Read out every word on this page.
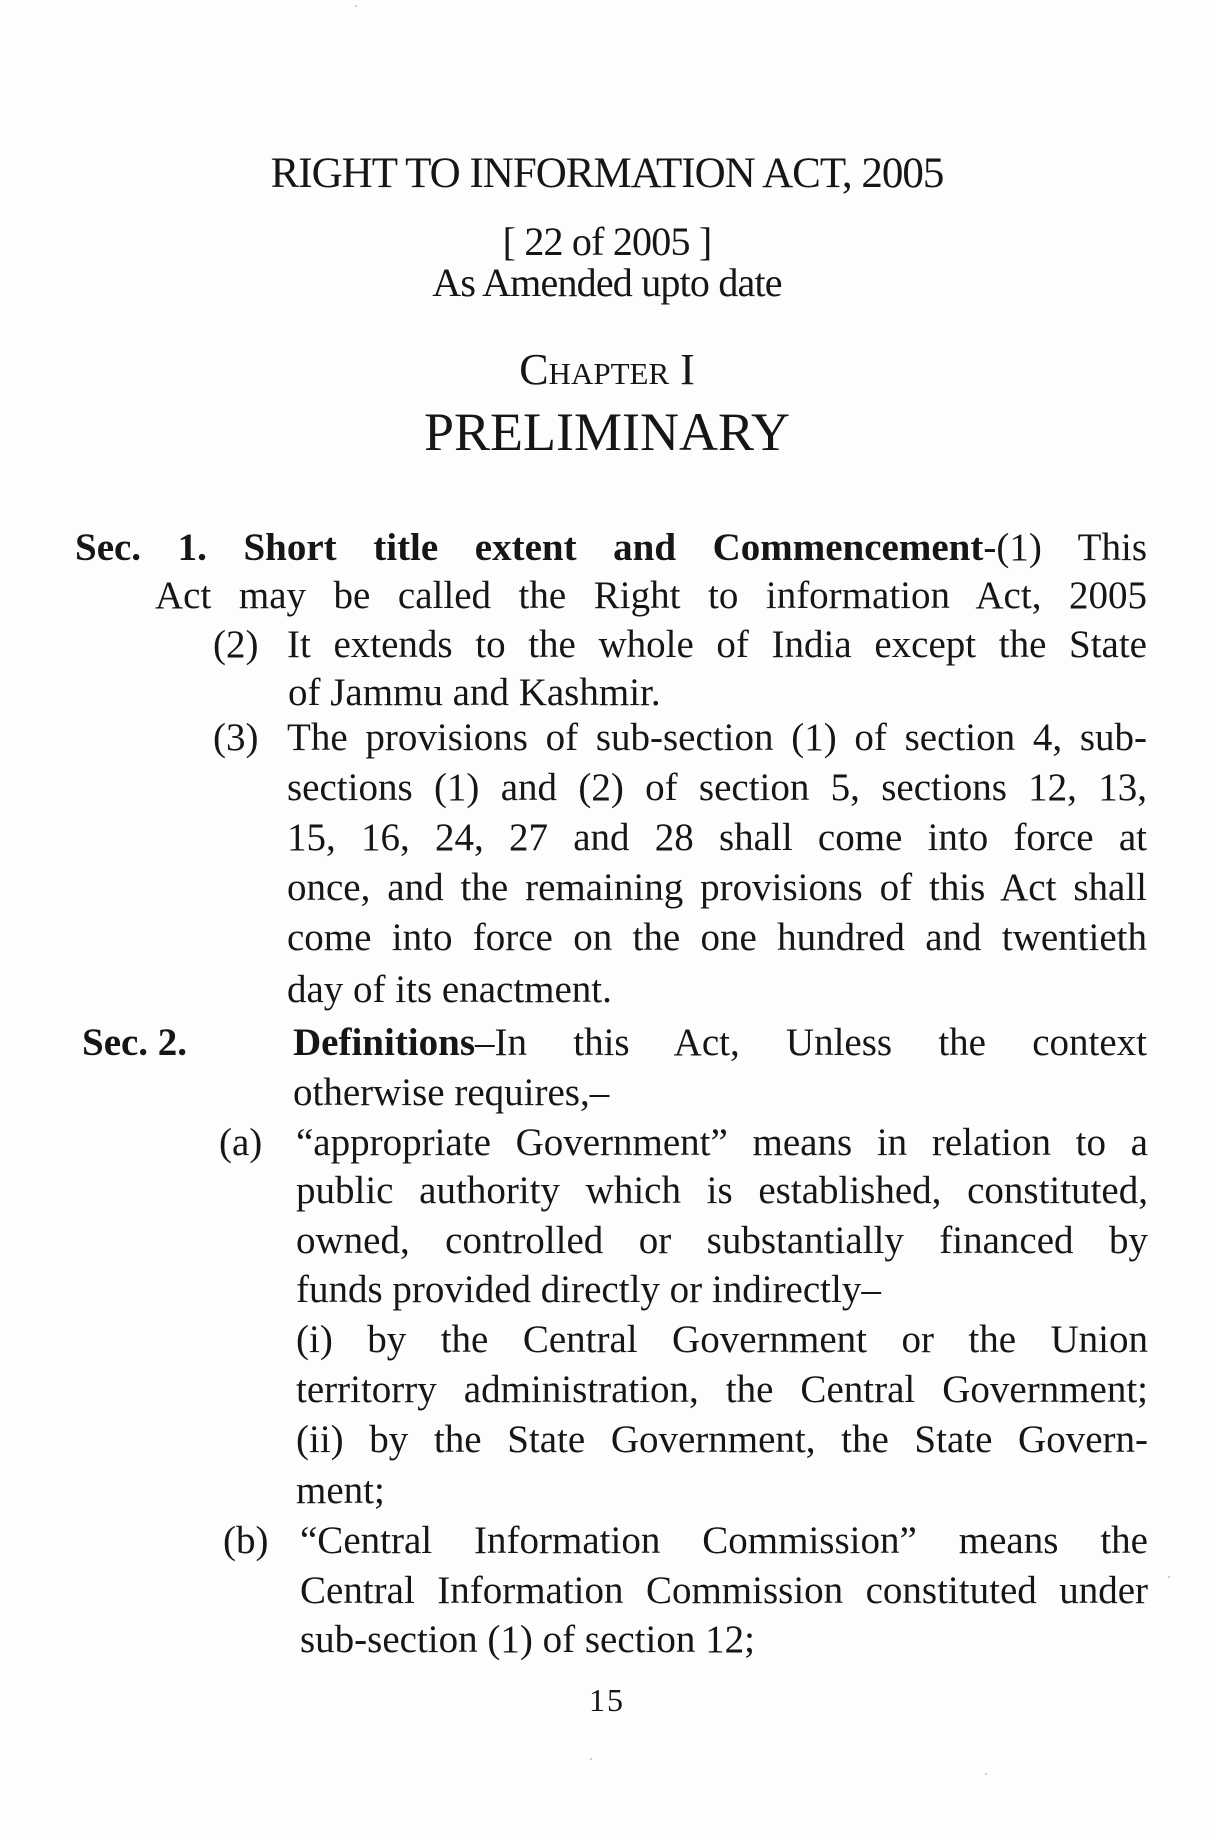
RIGHT TO INFORMATION ACT, 2005
[ 22 of 2005 ]
As Amended upto date
Chapter I
PRELIMINARY
Sec. 1. Short title extent and Commencement-(1) This
Act may be called the Right to information Act, 2005
(2) It extends to the whole of India except the State
of Jammu and Kashmir.
(3) The provisions of sub-section (1) of section 4, sub-
sections (1) and (2) of section 5, sections 12, 13,
15, 16, 24, 27 and 28 shall come into force at
once, and the remaining provisions of this Act shall
come into force on the one hundred and twentieth
day of its enactment.
Sec. 2.	Definitions–In this Act, Unless the context
otherwise requires,–
(a) “appropriate Government” means in relation to a
public authority which is established, constituted,
owned, controlled or substantially financed by
funds provided directly or indirectly–
(i) by the Central Government or the Union
territorry administration, the Central Government;
(ii) by the State Government, the State Govern-
ment;
(b) “Central Information Commission” means the
Central Information Commission constituted under
sub-section (1) of section 12;
15
